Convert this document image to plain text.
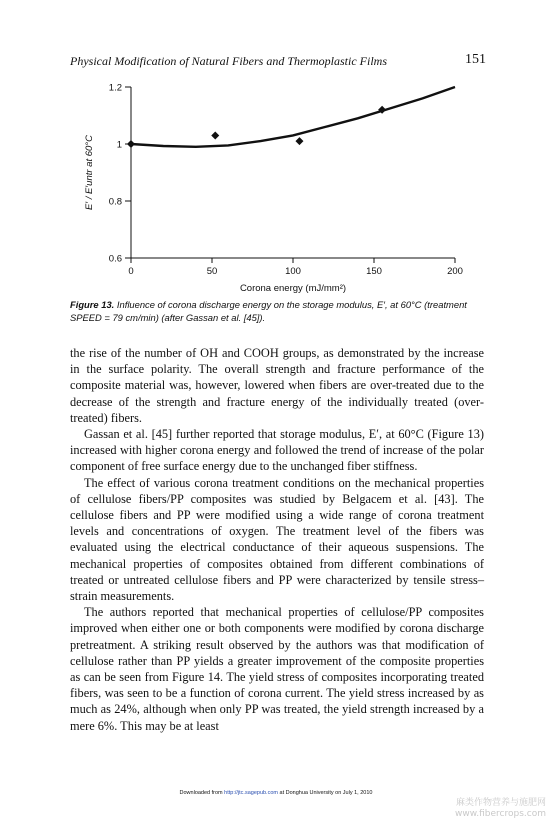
Physical Modification of Natural Fibers and Thermoplastic Films	151
0	50	100	150	200
0.6
0.8
1
1.2
Corona energy (mJ/mm²)
E′ / E′untr at 60°C
Figure 13. Influence of corona discharge energy on the storage modulus, E′, at 60°C (treatment SPEED = 79 cm/min) (after Gassan et al. [45]).

the rise of the number of OH and COOH groups, as demonstrated by the increase in the surface polarity. The overall strength and fracture performance of the composite material was, however, lowered when fibers are over-treated due to the decrease of the strength and fracture energy of the individually treated (over-treated) fibers.

Gassan et al. [45] further reported that storage modulus, E′, at 60°C (Figure 13) increased with higher corona energy and followed the trend of increase of the polar component of free surface energy due to the unchanged fiber stiffness.

The effect of various corona treatment conditions on the mechanical properties of cellulose fibers/PP composites was studied by Belgacem et al. [43]. The cellulose fibers and PP were modified using a wide range of corona treatment levels and concentrations of oxygen. The treatment level of the fibers was evaluated using the electrical conductance of their aqueous suspensions. The mechanical properties of composites obtained from different combinations of treated or untreated cellulose fibers and PP were characterized by tensile stress–strain measurements.

The authors reported that mechanical properties of cellulose/PP composites improved when either one or both components were modified by corona discharge pretreatment. A striking result observed by the authors was that modification of cellulose rather than PP yields a greater improvement of the composite properties as can be seen from Figure 14. The yield stress of composites incorporating treated fibers, was seen to be a function of corona current. The yield stress increased by as much as 24%, although when only PP was treated, the yield strength increased by a mere 6%. This may be at least

Downloaded from http://jtc.sagepub.com at Donghua University on July 1, 2010
麻类作物营养与施肥网
www.fibercrops.com
